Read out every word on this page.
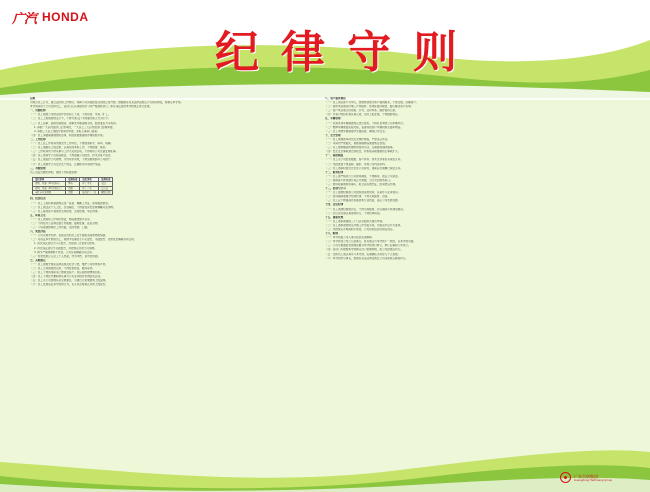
广汽 HONDA
纪律守则
总则
为规范员工行为，建立良好的工作秩序，保障公司各项经营活动的正常开展，根据国家有关法律法规及公司实际情况，特制定本守则。
本守则适用于公司全体员工，各部门应认真组织学习并严格遵照执行，如有违反者按本守则规定进行处理。
一、出勤纪律
（一）员工须按公司规定的作息时间上下班，不得迟到、早退、旷工。
（二）员工上班须按规定打卡，不得代他人打卡或委托他人代为打卡。
（三）员工因事、因病需请假者，须事先办理请假手续，经批准后方可离岗。
1. 请假一天以内由部门主管审批，一天以上三天以内由部门经理审批。
2. 请假三天以上须经分管领导审批，并报人事部门备案。
（四）员工请假期满须按时返岗，如需续假须提前办理续假手续。
二、工作纪律
（一）员工在工作时间内须坚守工作岗位，不得擅离职守、串岗、闲聊。
（二）员工须服从上级安排，认真完成本职工作，不得推诿、拖延。
（三）工作时间内不得从事与工作无关的活动，不得利用公司设备处理私事。
（四）员工须保守公司商业秘密，不得泄露公司经营、技术及客户信息。
（五）员工须爱护公司财物，节约用水用电，不得浪费或损坏公司财产。
（六）员工须遵守公司安全生产规定，正确使用劳动防护用品。
三、考勤处理
员工违反出勤纪律的，按照下列标准处理：
违纪事项	处理标准	违纪事项	处理标准
迟到、早退（15分钟内）	警告	旷工半天	记过
迟到、早退（15分钟以上）	罚款	旷工一天	记大过
未打卡且无说明	罚款	连续旷工三天	解除合同
四、仪容仪表
（一）员工上班时间须按规定统一着装，佩戴工作证，保持服装整洁。
（二）员工须注意个人卫生，仪容端庄，不得留怪异发型或佩戴夸张饰物。
（三）员工接待客户须使用文明用语，态度热情，举止得体。
五、环境卫生
（一）员工须保持工作场所整洁，物品摆放整齐有序。
（二）不得在办公区域及展厅内吸烟、随地吐痰、乱扔杂物。
（三）下班前须整理好工作台面，关闭电源、门窗。
六、奖惩办法
（一）公司对遵守纪律、表现突出的员工给予通报表扬或物质奖励。
（二）对违反本守则的员工，视情节轻重给予口头警告、书面警告、罚款直至解除劳动合同。
1. 首次违反者给予口头警告，并由部门主管进行教育。
2. 再次违反者给予书面警告，并按规定扣罚当月绩效。
3. 情节严重或屡教不改者，公司有权解除劳动合同。
（三）奖惩结果记入员工个人档案，作为考核、晋升的依据。
七、其他规定
（一）员工须遵守国家法律法规及社会公德，维护公司形象和声誉。
（二）员工之间须团结互助，不得拉帮结派、搬弄是非。
（三）员工不得利用职务之便收受客户、供应商的财物或回扣。
（四）员工不得在外兼职或从事与公司业务相竞争的经营活动。
（五）员工对公司管理有意见或建议，可通过正常渠道向上级反映。
（六）员工发现违反本守则的行为，有义务及时制止并向上级报告。
八、客户服务规范
（一）员工须以客户为中心，热情周到地为客户提供服务，不得怠慢、顶撞客户。
（二）接听电话须在铃响三声内接听，使用标准问候语，耐心解答客户咨询。
（三）客户来店须主动迎接、引导，及时奉茶，做好接待记录。
（四）对客户的投诉须认真记录，及时上报处理，不得推卸责任。
九、车辆管理
（一）试乘试驾车辆须按规定登记使用，不得私自驾驶公司车辆外出。
（二）维修车辆须按流程交接，妥善保管客户车辆钥匙及随车物品。
（三）员工驾驶车辆须遵守交通法规，确保行车安全。
十、安全管理
（一）员工须熟悉本岗位安全操作规程，严禁违章作业。
（二）车间内严禁烟火，易燃易爆物品须按规定存放。
（三）员工须掌握消防器材的使用方法，定期参加消防演练。
（四）发生安全事故须立即报告，并积极采取措施防止事故扩大。
十一、保密制度
（一）员工对公司经营数据、客户资料、技术文件等负有保密义务。
（二）未经批准不得复制、摘抄、带离公司内部资料。
（三）员工离职时须交还全部公司资料，离职后仍须履行保密义务。
十二、财务纪律
（一）员工须严格执行公司财务制度，不得挪用、侵占公司资金。
（二）收取客户款项须开具正式票据，当日交回财务部门。
（三）费用报销须如实填写，附合法有效凭证，经审批后办理。
十三、培训与学习
（一）员工须按时参加公司组织的各类培训，认真学习业务知识。
（二）培训期间须遵守培训纪律，不得无故缺席、迟到。
（三）员工应不断提高自身素质和专业技能，适应公司发展需要。
十四、会议纪律
（一）员工须按时参加会议，不得无故缺席，会议期间手机调至静音。
（二）会议决议须认真贯彻执行，不得阳奉阴违。
十五、离职管理
（一）员工离职须提前三十日以书面形式提出申请。
（二）员工离职须按规定办理工作交接手续，交接完毕后方可离岗。
（三）未按规定办理离职手续者，公司将依法追究相关责任。
十六、附则
（一）本守则由公司人事行政部负责解释。
（二）本守则自公布之日起施行，原有规定与本守则不一致的，以本守则为准。
（三）公司可根据经营管理需要对本守则进行修订，修订后重新公布执行。
（四）各部门可根据本守则制定部门管理细则，报公司批准后执行。
（五）全体员工须认真学习本守则，签署确认书并存入个人档案。
（六）本守则未尽事宜，按国家有关法律法规及公司其他规章制度执行。
广东合创集团
Guangdong HeChuang Group
